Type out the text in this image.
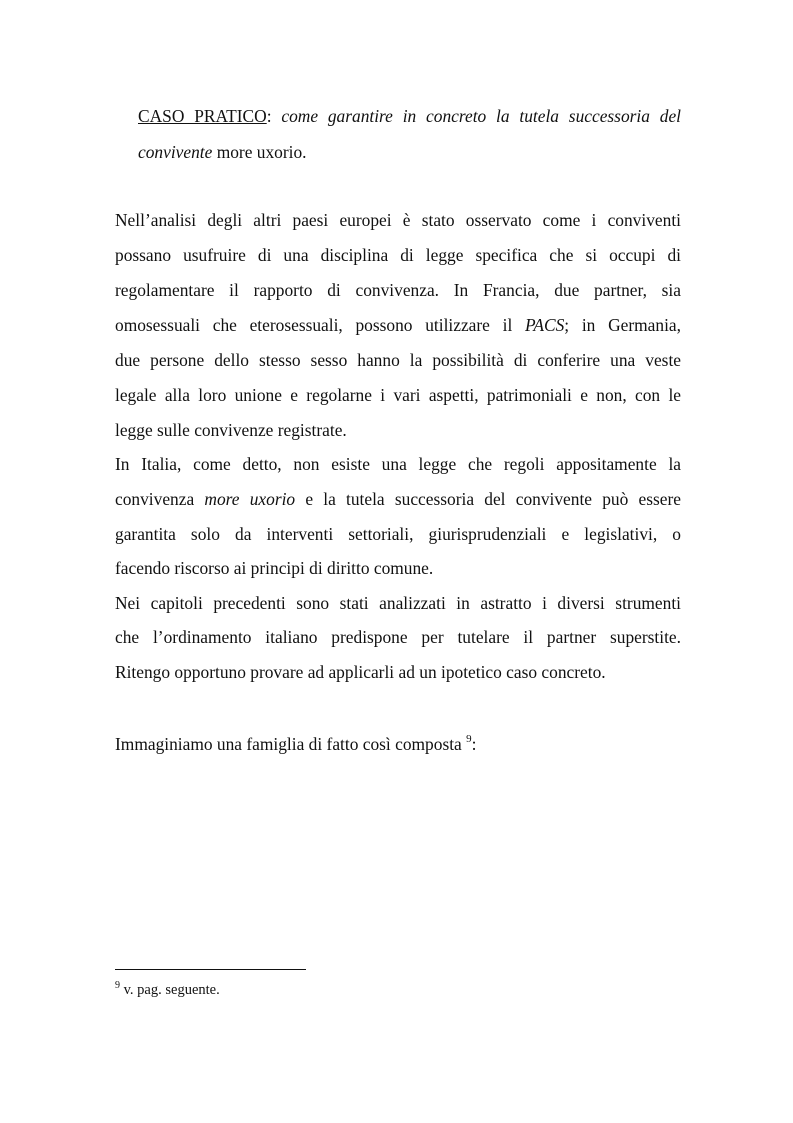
CASO PRATICO: come garantire in concreto la tutela successoria del
convivente more uxorio.
Nell’analisi degli altri paesi europei è stato osservato come i conviventi
possano usufruire di una disciplina di legge specifica che si occupi di
regolamentare il rapporto di convivenza. In Francia, due partner, sia
omosessuali che eterosessuali, possono utilizzare il PACS; in Germania,
due persone dello stesso sesso hanno la possibilità di conferire una veste
legale alla loro unione e regolarne i vari aspetti, patrimoniali e non, con le
legge sulle convivenze registrate.
In Italia, come detto, non esiste una legge che regoli appositamente la
convivenza more uxorio e la tutela successoria del convivente può essere
garantita solo da interventi settoriali, giurisprudenziali e legislativi, o
facendo riscorso ai principi di diritto comune.
Nei capitoli precedenti sono stati analizzati in astratto i diversi strumenti
che l’ordinamento italiano predispone per tutelare il partner superstite.
Ritengo opportuno provare ad applicarli ad un ipotetico caso concreto.
Immaginiamo una famiglia di fatto così composta $^9$:
$^9$ v. pag. seguente.
